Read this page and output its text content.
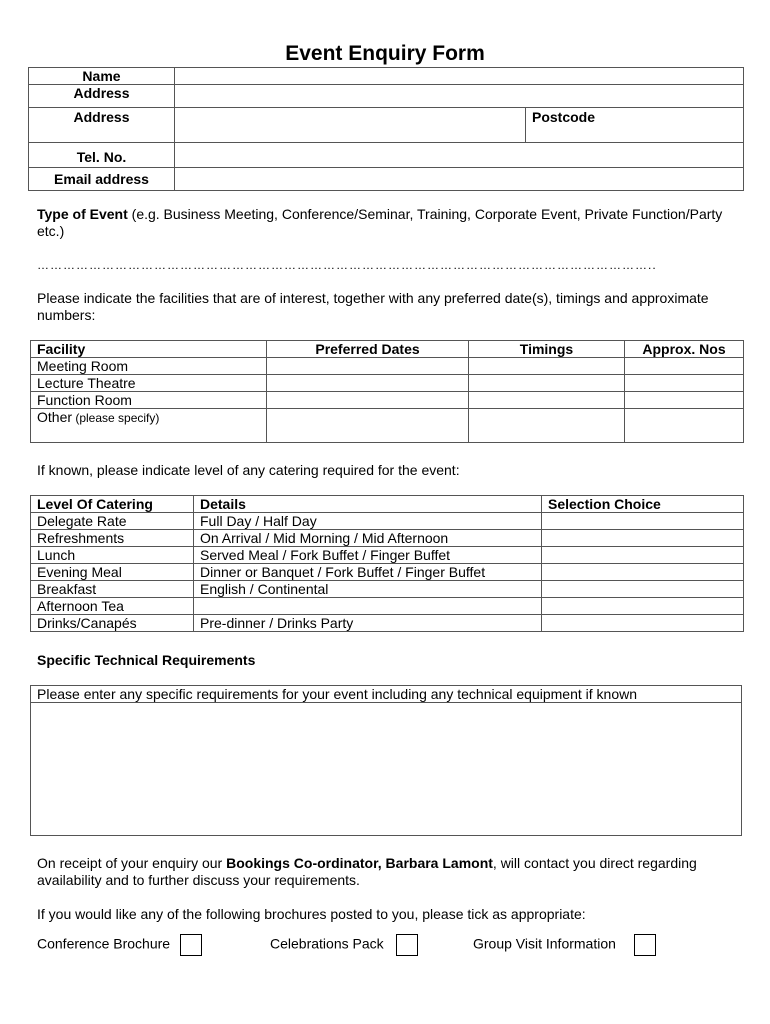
Event Enquiry Form
Name		
Address		
Address		Postcode
Tel. No.		
Email address		
Type of Event (e.g. Business Meeting, Conference/Seminar, Training, Corporate Event, Private Function/Party etc.)
……………………………………………………………………………………………………………………………..
Please indicate the facilities that are of interest, together with any preferred date(s), timings and approximate numbers:
Facility	Preferred Dates	Timings	Approx. Nos
Meeting Room			
Lecture Theatre			
Function Room			
Other (please specify)			
If known, please indicate level of any catering required for the event:
Level Of Catering	Details	Selection Choice
Delegate Rate	Full Day / Half Day	
Refreshments	On Arrival / Mid Morning / Mid Afternoon	
Lunch	Served Meal / Fork Buffet / Finger Buffet	
Evening Meal	Dinner or Banquet / Fork Buffet / Finger Buffet	
Breakfast	English / Continental	
Afternoon Tea		
Drinks/Canapés	Pre-dinner / Drinks Party	
Specific Technical Requirements
Please enter any specific requirements for your event including any technical equipment if known

On receipt of your enquiry our Bookings Co-ordinator, Barbara Lamont, will contact you direct regarding availability and to further discuss your requirements.
If you would like any of the following brochures posted to you, please tick as appropriate:
Conference Brochure	Celebrations Pack	Group Visit Information
